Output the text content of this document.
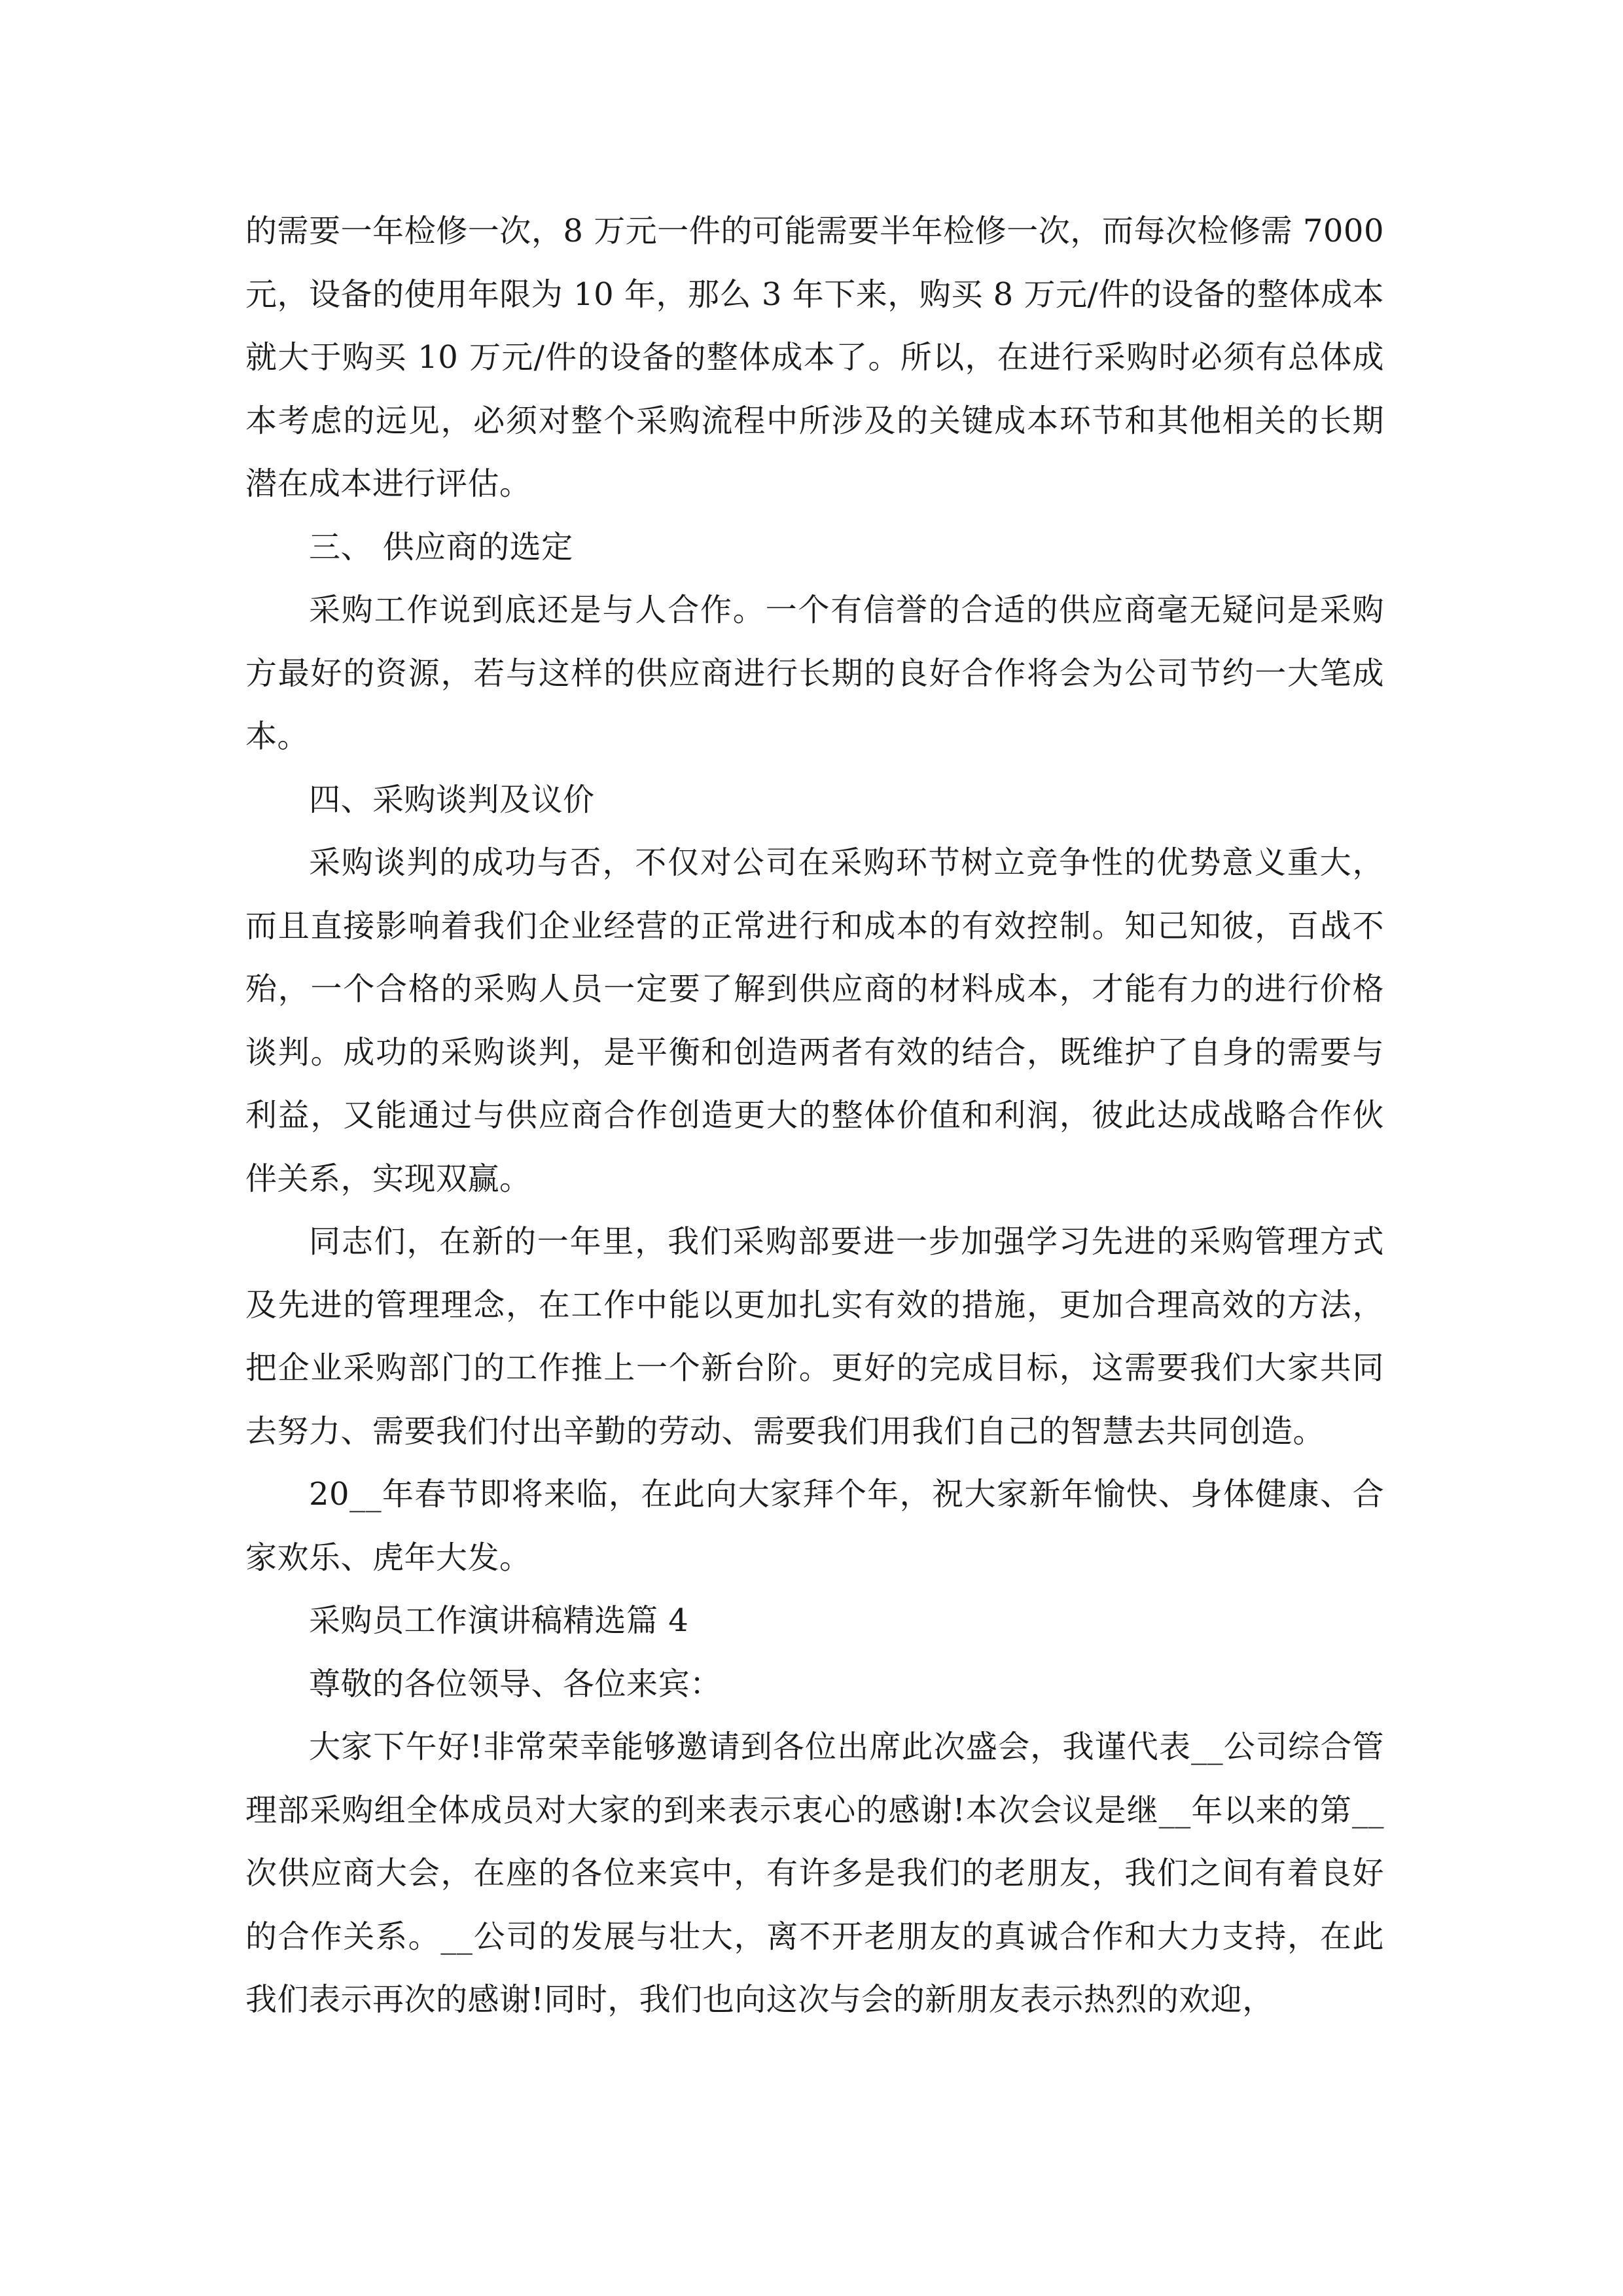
的需要一年检修一次，8 万元一件的可能需要半年检修一次，而每次检修需 7000 元，设备的使用年限为 10 年，那么 3 年下来，购买 8 万元/件的设备的整体成本就大于购买 10 万元/件的设备的整体成本了。所以，在进行采购时必须有总体成本考虑的远见，必须对整个采购流程中所涉及的关键成本环节和其他相关的长期潜在成本进行评估。

三、 供应商的选定

采购工作说到底还是与人合作。一个有信誉的合适的供应商毫无疑问是采购方最好的资源，若与这样的供应商进行长期的良好合作将会为公司节约一大笔成本。

四、采购谈判及议价

采购谈判的成功与否，不仅对公司在采购环节树立竞争性的优势意义重大，而且直接影响着我们企业经营的正常进行和成本的有效控制。知己知彼，百战不殆，一个合格的采购人员一定要了解到供应商的材料成本，才能有力的进行价格谈判。成功的采购谈判，是平衡和创造两者有效的结合，既维护了自身的需要与利益，又能通过与供应商合作创造更大的整体价值和利润，彼此达成战略合作伙伴关系，实现双赢。

同志们，在新的一年里，我们采购部要进一步加强学习先进的采购管理方式及先进的管理理念，在工作中能以更加扎实有效的措施，更加合理高效的方法，把企业采购部门的工作推上一个新台阶。更好的完成目标，这需要我们大家共同去努力、需要我们付出辛勤的劳动、需要我们用我们自己的智慧去共同创造。

20__年春节即将来临，在此向大家拜个年，祝大家新年愉快、身体健康、合家欢乐、虎年大发。

采购员工作演讲稿精选篇 4

尊敬的各位领导、各位来宾：

大家下午好!非常荣幸能够邀请到各位出席此次盛会，我谨代表__公司综合管理部采购组全体成员对大家的到来表示衷心的感谢!本次会议是继__年以来的第__次供应商大会，在座的各位来宾中，有许多是我们的老朋友，我们之间有着良好的合作关系。__公司的发展与壮大，离不开老朋友的真诚合作和大力支持，在此我们表示再次的感谢!同时，我们也向这次与会的新朋友表示热烈的欢迎，
